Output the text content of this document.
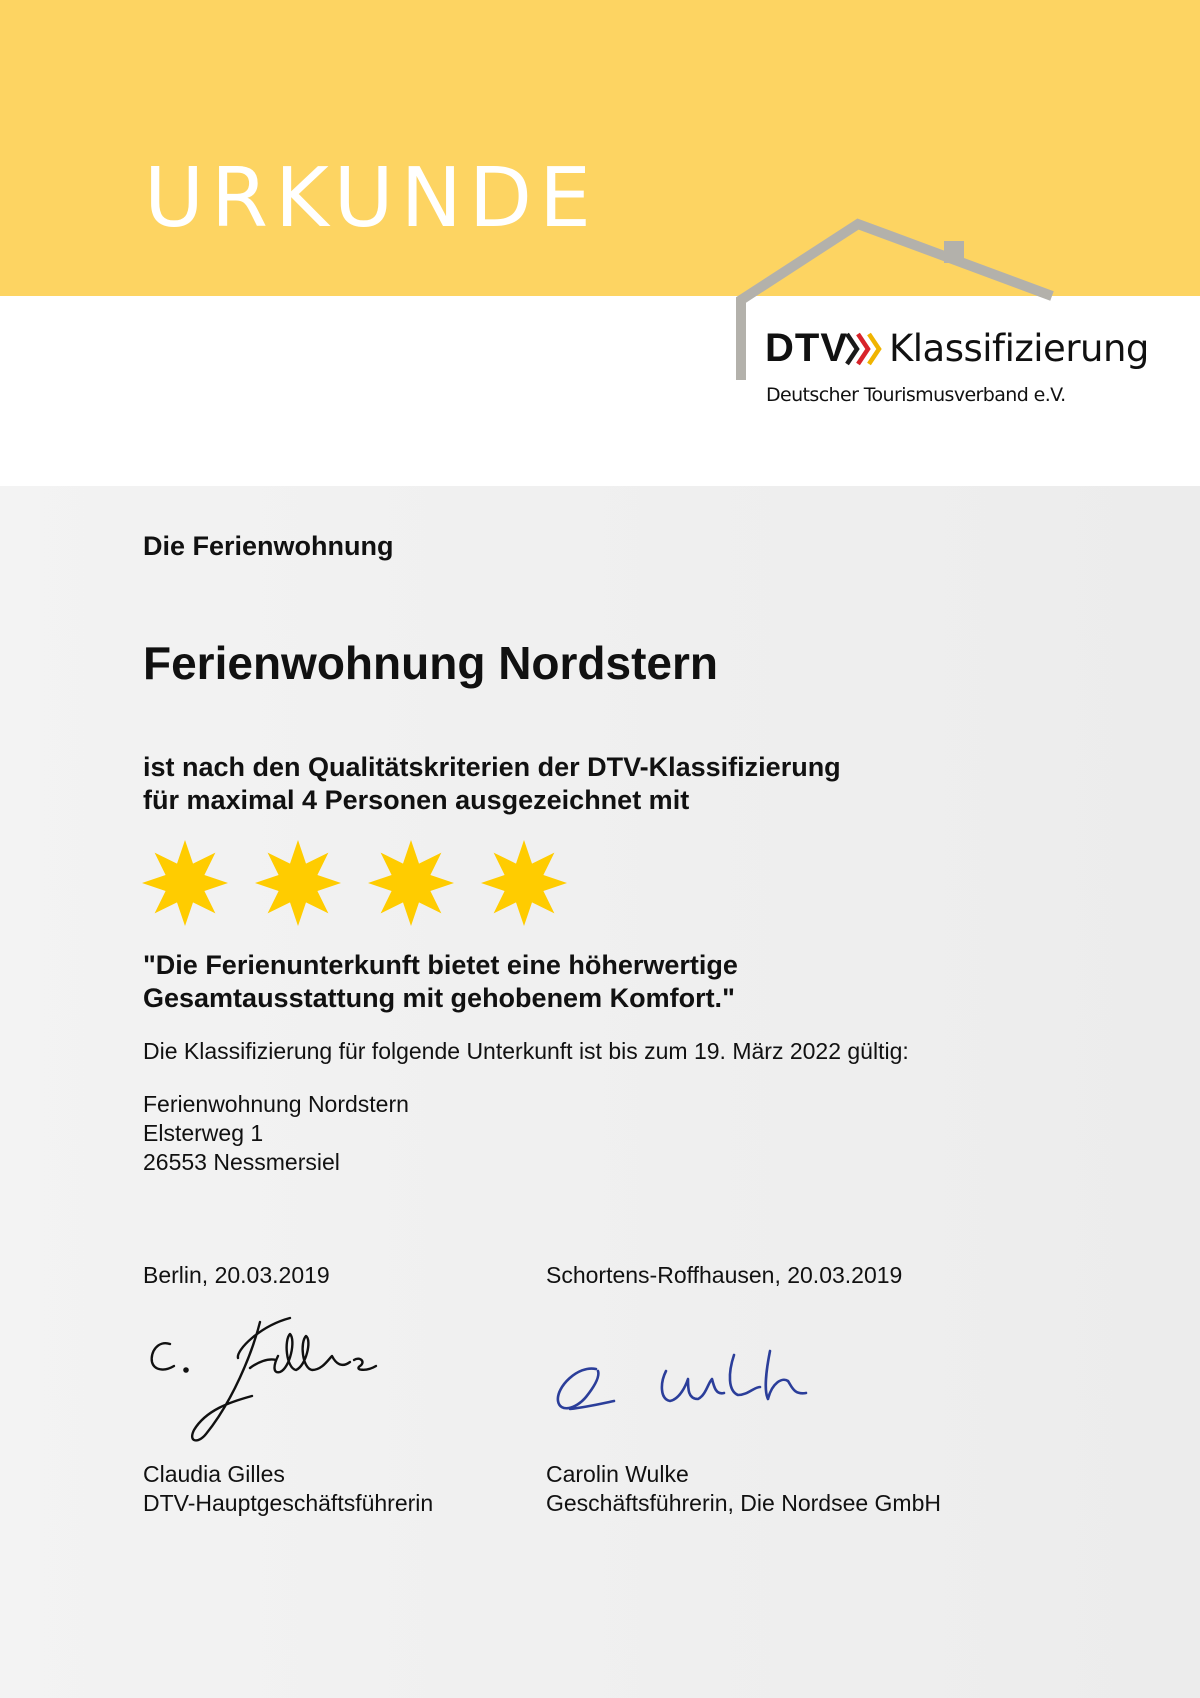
URKUNDE
DTV Klassifizierung
Deutscher Tourismusverband e.V.
Die Ferienwohnung
Ferienwohnung Nordstern
ist nach den Qualitätskriterien der DTV-Klassifizierung
für maximal 4 Personen ausgezeichnet mit
"Die Ferienunterkunft bietet eine höherwertige
Gesamtausstattung mit gehobenem Komfort."
Die Klassifizierung für folgende Unterkunft ist bis zum 19. März 2022 gültig:
Ferienwohnung Nordstern
Elsterweg 1
26553 Nessmersiel
Berlin, 20.03.2019	Schortens-Roffhausen, 20.03.2019
Claudia Gilles
DTV-Hauptgeschäftsführerin
Carolin Wulke
Geschäftsführerin, Die Nordsee GmbH
